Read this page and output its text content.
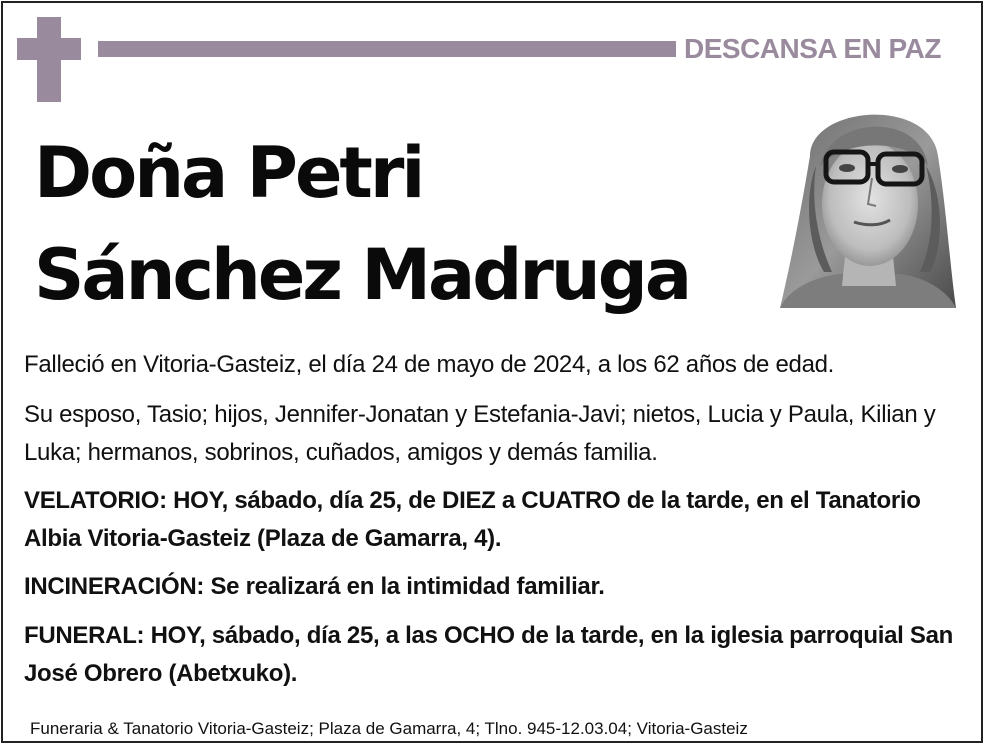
DESCANSA EN PAZ
Doña Petri
Sánchez Madruga
Falleció en Vitoria-Gasteiz, el día 24 de mayo de 2024, a los 62 años de edad.
Su esposo, Tasio; hijos, Jennifer-Jonatan y Estefania-Javi; nietos, Lucia y Paula, Kilian y Luka; hermanos, sobrinos, cuñados, amigos y demás familia.
VELATORIO: HOY, sábado, día 25, de DIEZ a CUATRO de la tarde, en el Tanatorio Albia Vitoria-Gasteiz (Plaza de Gamarra, 4).
INCINERACIÓN: Se realizará en la intimidad familiar.
FUNERAL: HOY, sábado, día 25, a las OCHO de la tarde, en la iglesia parroquial San José Obrero (Abetxuko).
Funeraria & Tanatorio Vitoria-Gasteiz; Plaza de Gamarra, 4; Tlno. 945-12.03.04; Vitoria-Gasteiz
